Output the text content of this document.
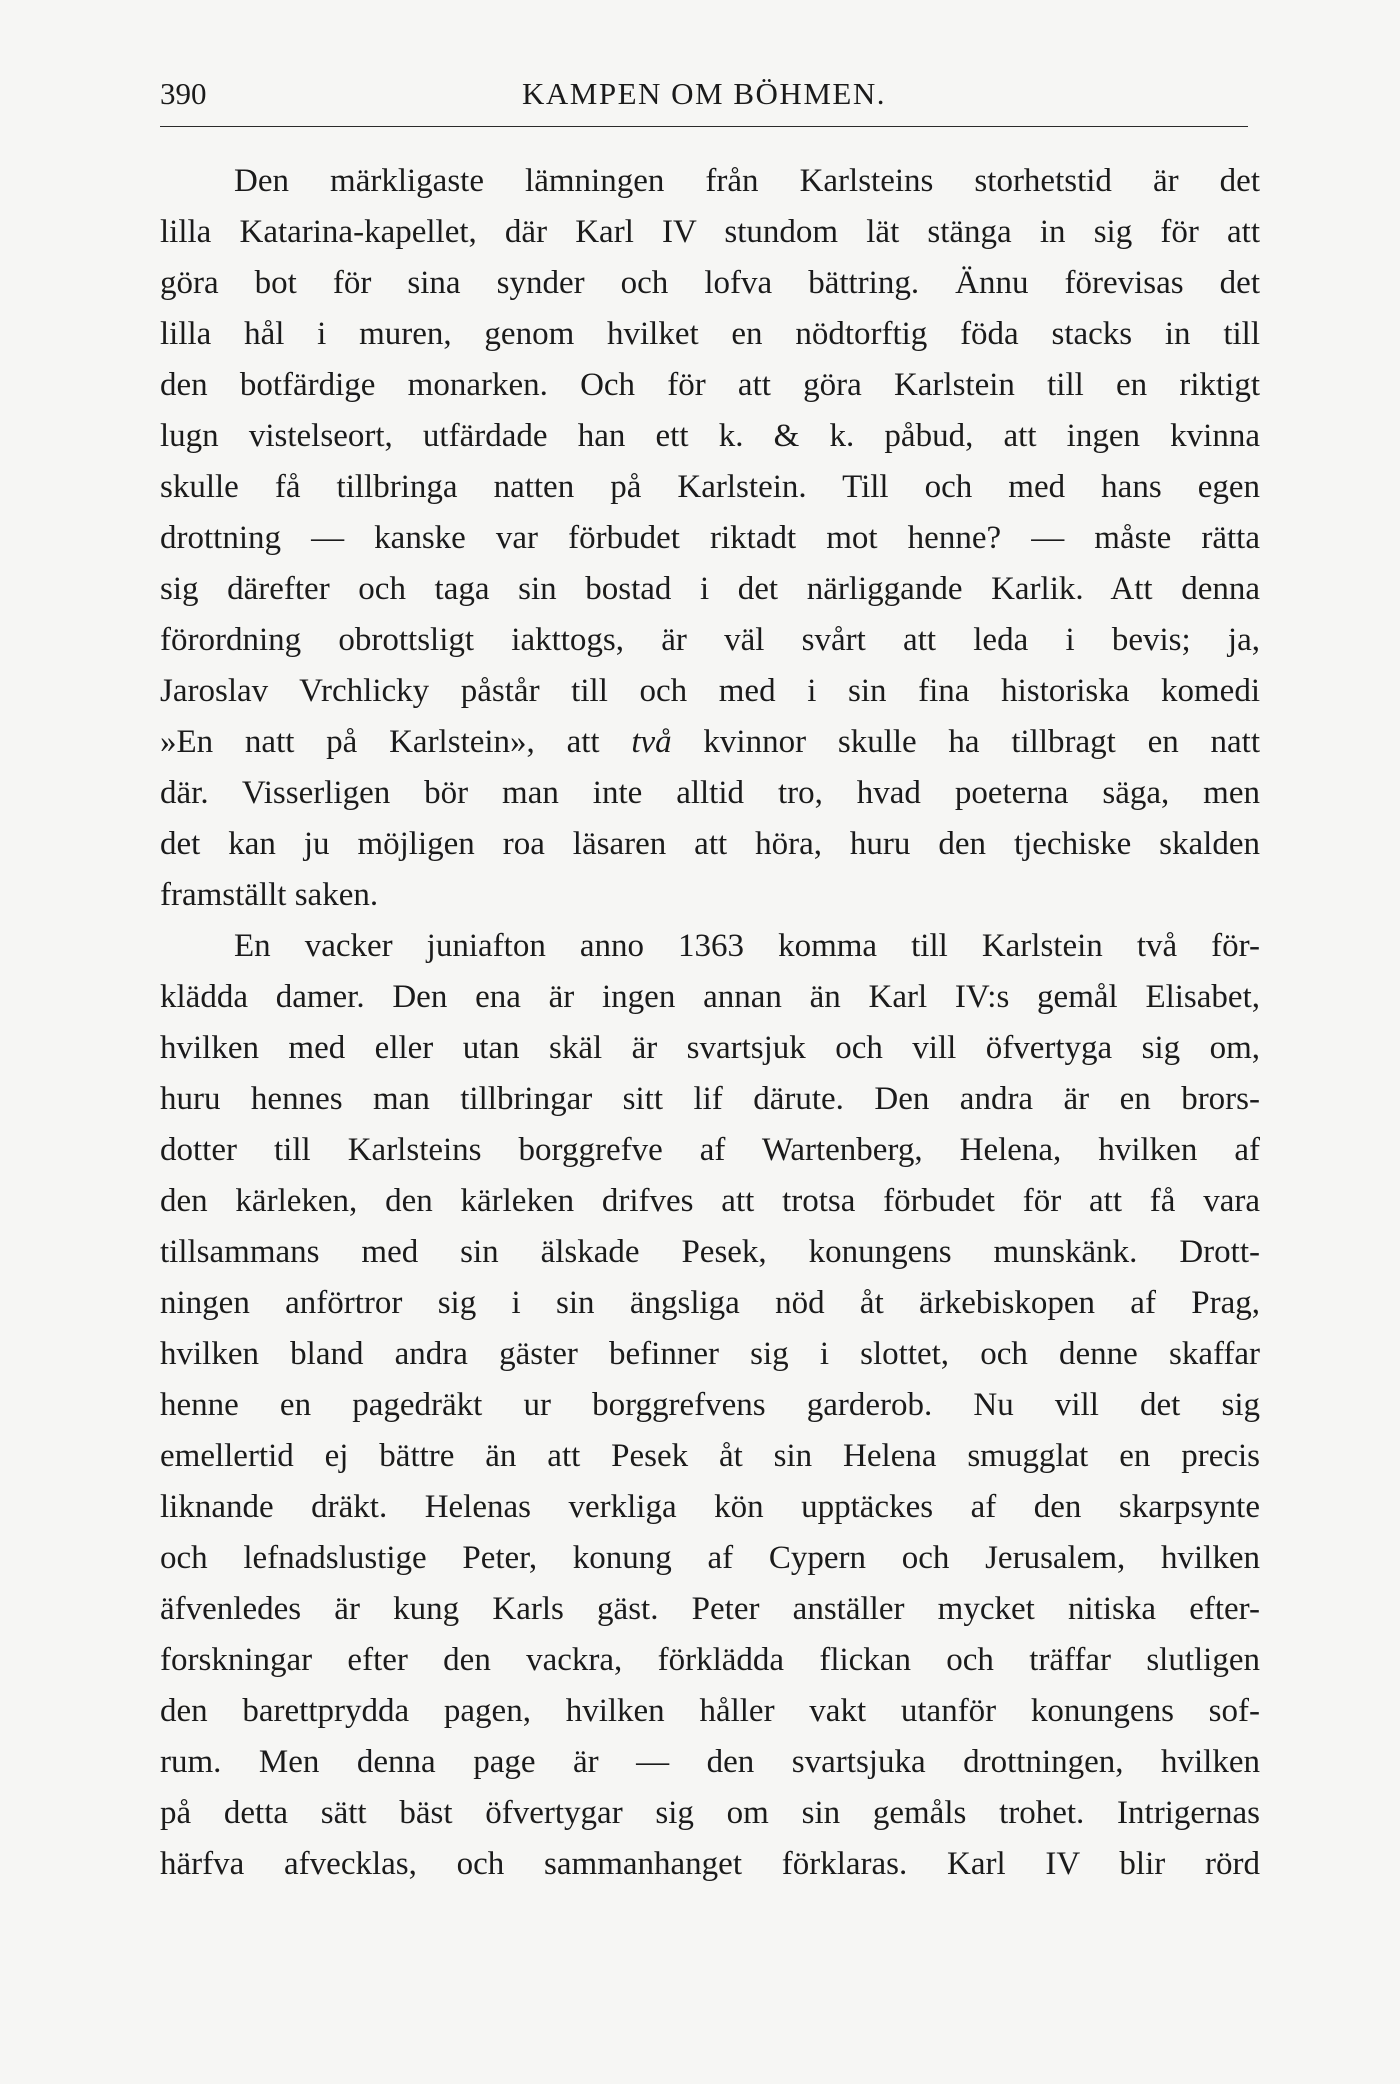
390	KAMPEN OM BÖHMEN.
Den märkligaste lämningen från Karlsteins storhetstid är det
lilla Katarina-kapellet, där Karl IV stundom lät stänga in sig för att
göra bot för sina synder och lofva bättring. Ännu förevisas det
lilla hål i muren, genom hvilket en nödtorftig föda stacks in till
den botfärdige monarken. Och för att göra Karlstein till en riktigt
lugn vistelseort, utfärdade han ett k. & k. påbud, att ingen kvinna
skulle få tillbringa natten på Karlstein. Till och med hans egen
drottning — kanske var förbudet riktadt mot henne? — måste rätta
sig därefter och taga sin bostad i det närliggande Karlik. Att denna
förordning obrottsligt iakttogs, är väl svårt att leda i bevis; ja,
Jaroslav Vrchlicky påstår till och med i sin fina historiska komedi
»En natt på Karlstein», att två kvinnor skulle ha tillbragt en natt
där. Visserligen bör man inte alltid tro, hvad poeterna säga, men
det kan ju möjligen roa läsaren att höra, huru den tjechiske skalden
framställt saken.
En vacker juniafton anno 1363 komma till Karlstein två för-
klädda damer. Den ena är ingen annan än Karl IV:s gemål Elisabet,
hvilken med eller utan skäl är svartsjuk och vill öfvertyga sig om,
huru hennes man tillbringar sitt lif därute. Den andra är en brors-
dotter till Karlsteins borggrefve af Wartenberg, Helena, hvilken af
den kärleken, den kärleken drifves att trotsa förbudet för att få vara
tillsammans med sin älskade Pesek, konungens munskänk. Drott-
ningen anförtror sig i sin ängsliga nöd åt ärkebiskopen af Prag,
hvilken bland andra gäster befinner sig i slottet, och denne skaffar
henne en pagedräkt ur borggrefvens garderob. Nu vill det sig
emellertid ej bättre än att Pesek åt sin Helena smugglat en precis
liknande dräkt. Helenas verkliga kön upptäckes af den skarpsynte
och lefnadslustige Peter, konung af Cypern och Jerusalem, hvilken
äfvenledes är kung Karls gäst. Peter anställer mycket nitiska efter-
forskningar efter den vackra, förklädda flickan och träffar slutligen
den barettprydda pagen, hvilken håller vakt utanför konungens sof-
rum. Men denna page är — den svartsjuka drottningen, hvilken
på detta sätt bäst öfvertygar sig om sin gemåls trohet. Intrigernas
härfva afvecklas, och sammanhanget förklaras. Karl IV blir rörd
